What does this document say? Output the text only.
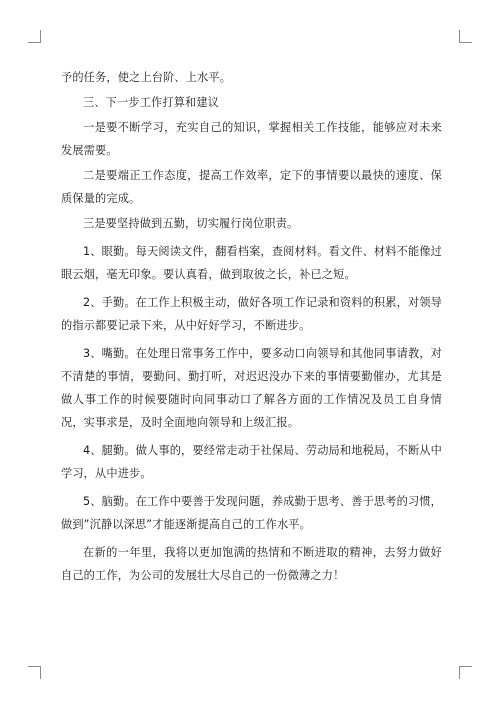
予的任务，使之上台阶、上水平。

三、下一步工作打算和建议

一是要不断学习，充实自己的知识，掌握相关工作技能，能够应对未来发展需要。

二是要端正工作态度，提高工作效率，定下的事情要以最快的速度、保质保量的完成。

三是要坚持做到五勤，切实履行岗位职责。

1、眼勤。每天阅读文件，翻看档案，查阅材料。看文件、材料不能像过眼云烟，毫无印象。要认真看，做到取彼之长，补已之短。

2、手勤。在工作上积极主动，做好各项工作记录和资料的积累，对领导的指示都要记录下来，从中好好学习，不断进步。

3、嘴勤。在处理日常事务工作中，要多动口向领导和其他同事请教，对不清楚的事情，要勤问、勤打听，对迟迟没办下来的事情要勤催办，尤其是做人事工作的时候要随时向同事动口了解各方面的工作情况及员工自身情况，实事求是，及时全面地向领导和上级汇报。

4、腿勤。做人事的，要经常走动于社保局、劳动局和地税局，不断从中学习，从中进步。

5、脑勤。在工作中要善于发现问题，养成勤于思考、善于思考的习惯，做到”沉静以深思”才能逐渐提高自己的工作水平。

在新的一年里，我将以更加饱满的热情和不断进取的精神，去努力做好自己的工作，为公司的发展壮大尽自己的一份微薄之力！
